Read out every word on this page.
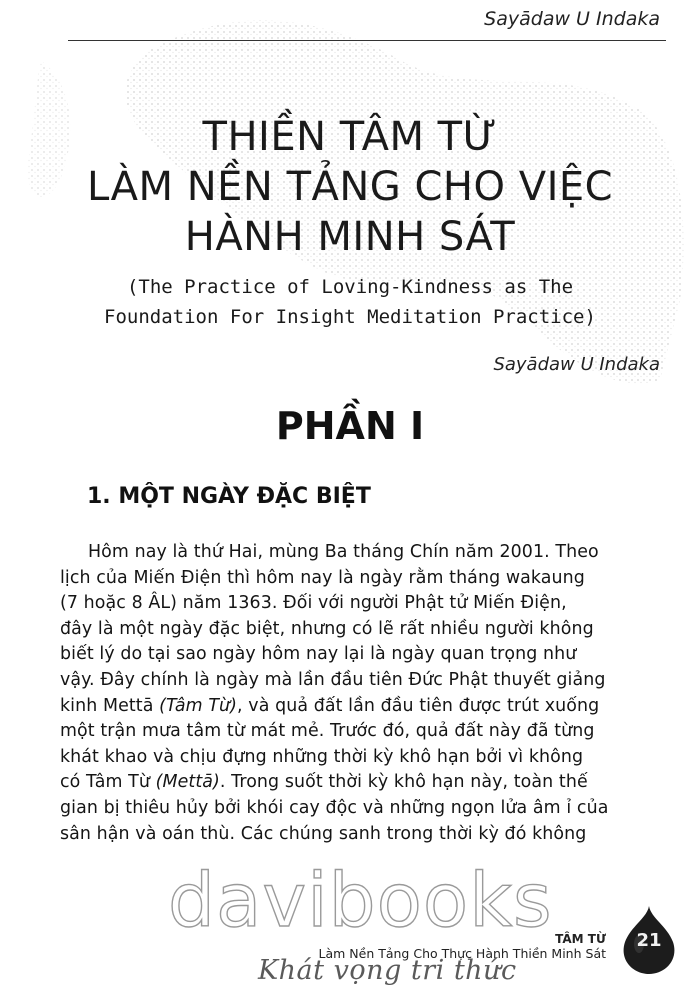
Sayādaw U Indaka
THIỀN TÂM TỪ
LÀM NỀN TẢNG CHO VIỆC
HÀNH MINH SÁT
(The Practice of Loving-Kindness as The
Foundation For Insight Meditation Practice)
Sayādaw U Indaka
PHẦN I
1. MỘT NGÀY ĐẶC BIỆT
Hôm nay là thứ Hai, mùng Ba tháng Chín năm 2001. Theo
lịch của Miến Điện thì hôm nay là ngày rằm tháng wakaung
(7 hoặc 8 ÂL) năm 1363. Đối với người Phật tử Miến Điện,
đây là một ngày đặc biệt, nhưng có lẽ rất nhiều người không
biết lý do tại sao ngày hôm nay lại là ngày quan trọng như
vậy. Đây chính là ngày mà lần đầu tiên Đức Phật thuyết giảng
kinh Mettā (Tâm Từ), và quả đất lần đầu tiên được trút xuống
một trận mưa tâm từ mát mẻ. Trước đó, quả đất này đã từng
khát khao và chịu đựng những thời kỳ khô hạn bởi vì không
có Tâm Từ (Mettā). Trong suốt thời kỳ khô hạn này, toàn thế
gian bị thiêu hủy bởi khói cay độc và những ngọn lửa âm ỉ của
sân hận và oán thù. Các chúng sanh trong thời kỳ đó không
davibooks
Khát vọng tri thức
TÂM TỪ
Làm Nền Tảng Cho Thực Hành Thiền Minh Sát
21
